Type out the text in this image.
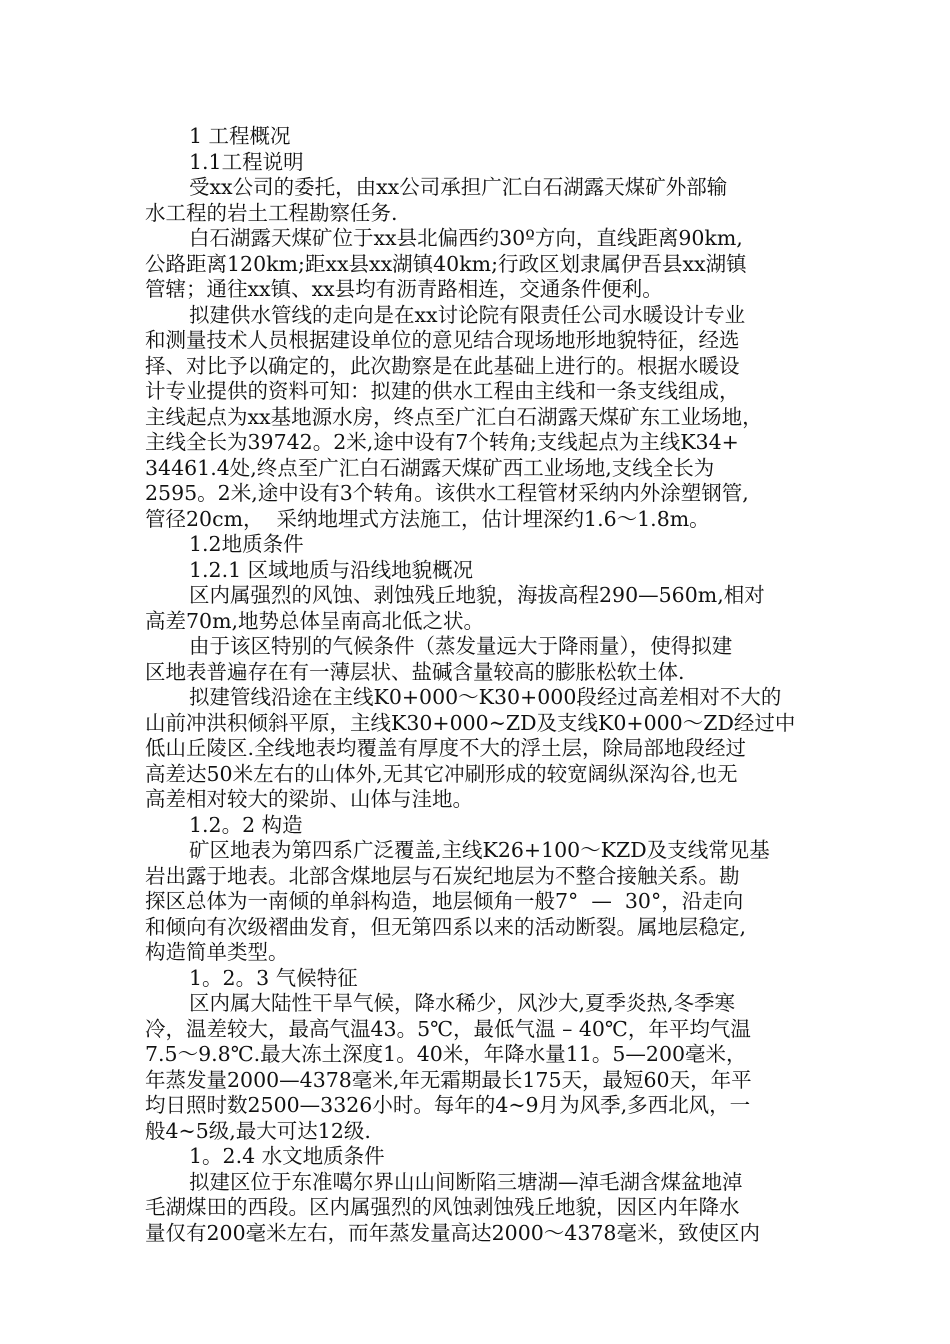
1 工程概况
1.1工程说明
受xx公司的委托，由xx公司承担广汇白石湖露天煤矿外部输
水工程的岩土工程勘察任务.
白石湖露天煤矿位于xx县北偏西约30º方向，直线距离90km,
公路距离120km;距xx县xx湖镇40km;行政区划隶属伊吾县xx湖镇
管辖；通往xx镇、xx县均有沥青路相连，交通条件便利。
拟建供水管线的走向是在xx讨论院有限责任公司水暖设计专业
和测量技术人员根据建设单位的意见结合现场地形地貌特征，经选
择、对比予以确定的，此次勘察是在此基础上进行的。根据水暖设
计专业提供的资料可知：拟建的供水工程由主线和一条支线组成，
主线起点为xx基地源水房，终点至广汇白石湖露天煤矿东工业场地，
主线全长为39742。2米,途中设有7个转角;支线起点为主线K34+
34461.4处,终点至广汇白石湖露天煤矿西工业场地,支线全长为
2595。2米,途中设有3个转角。该供水工程管材采纳内外涂塑钢管,
管径20cm，  采纳地埋式方法施工，估计埋深约1.6～1.8m。
1.2地质条件
1.2.1 区域地质与沿线地貌概况
区内属强烈的风蚀、剥蚀残丘地貌，海拔高程290—560m,相对
高差70m,地势总体呈南高北低之状。
由于该区特别的气候条件（蒸发量远大于降雨量），使得拟建
区地表普遍存在有一薄层状、盐碱含量较高的膨胀松软土体.
拟建管线沿途在主线K0+000～K30+000段经过高差相对不大的
山前冲洪积倾斜平原，主线K30+000~ZD及支线K0+000～ZD经过中
低山丘陵区.全线地表均覆盖有厚度不大的浮土层，除局部地段经过
高差达50米左右的山体外,无其它冲刷形成的较宽阔纵深沟谷,也无
高差相对较大的梁峁、山体与洼地。
1.2。2 构造
矿区地表为第四系广泛覆盖,主线K26+100～KZD及支线常见基
岩出露于地表。北部含煤地层与石炭纪地层为不整合接触关系。勘
探区总体为一南倾的单斜构造，地层倾角一般7°  —  30°，沿走向
和倾向有次级褶曲发育，但无第四系以来的活动断裂。属地层稳定,
构造简单类型。
1。2。3 气候特征
区内属大陆性干旱气候，降水稀少，风沙大,夏季炎热,冬季寒
冷，温差较大，最高气温43。5℃，最低气温 – 40℃，年平均气温
7.5～9.8℃.最大冻土深度1。40米，年降水量11。5—200毫米，
年蒸发量2000—4378毫米,年无霜期最长175天，最短60天，年平
均日照时数2500—3326小时。每年的4~9月为风季,多西北风，一
般4~5级,最大可达12级.
1。2.4 水文地质条件
拟建区位于东准噶尔界山山间断陷三塘湖—淖毛湖含煤盆地淖
毛湖煤田的西段。区内属强烈的风蚀剥蚀残丘地貌，因区内年降水
量仅有200毫米左右，而年蒸发量高达2000～4378毫米，致使区内
